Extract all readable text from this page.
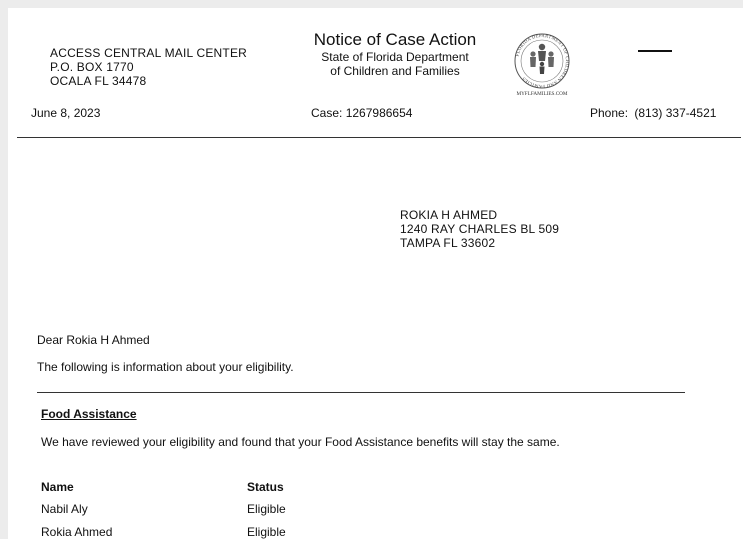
ACCESS CENTRAL MAIL CENTER
P.O. BOX 1770
OCALA FL 34478
Notice of Case Action
State of Florida Department
of Children and Families
FLORIDA DEPARTMENT OF CHILDREN AND FAMILIES
MYFLFAMILIES.COM
June 8, 2023	Case: 1267986654	Phone: (813) 337-4521
ROKIA H AHMED
1240 RAY CHARLES BL 509
TAMPA FL 33602
Dear Rokia H Ahmed
The following is information about your eligibility.
Food Assistance
We have reviewed your eligibility and found that your Food Assistance benefits will stay the same.
Name	Status
Nabil Aly	Eligible
Rokia Ahmed	Eligible
